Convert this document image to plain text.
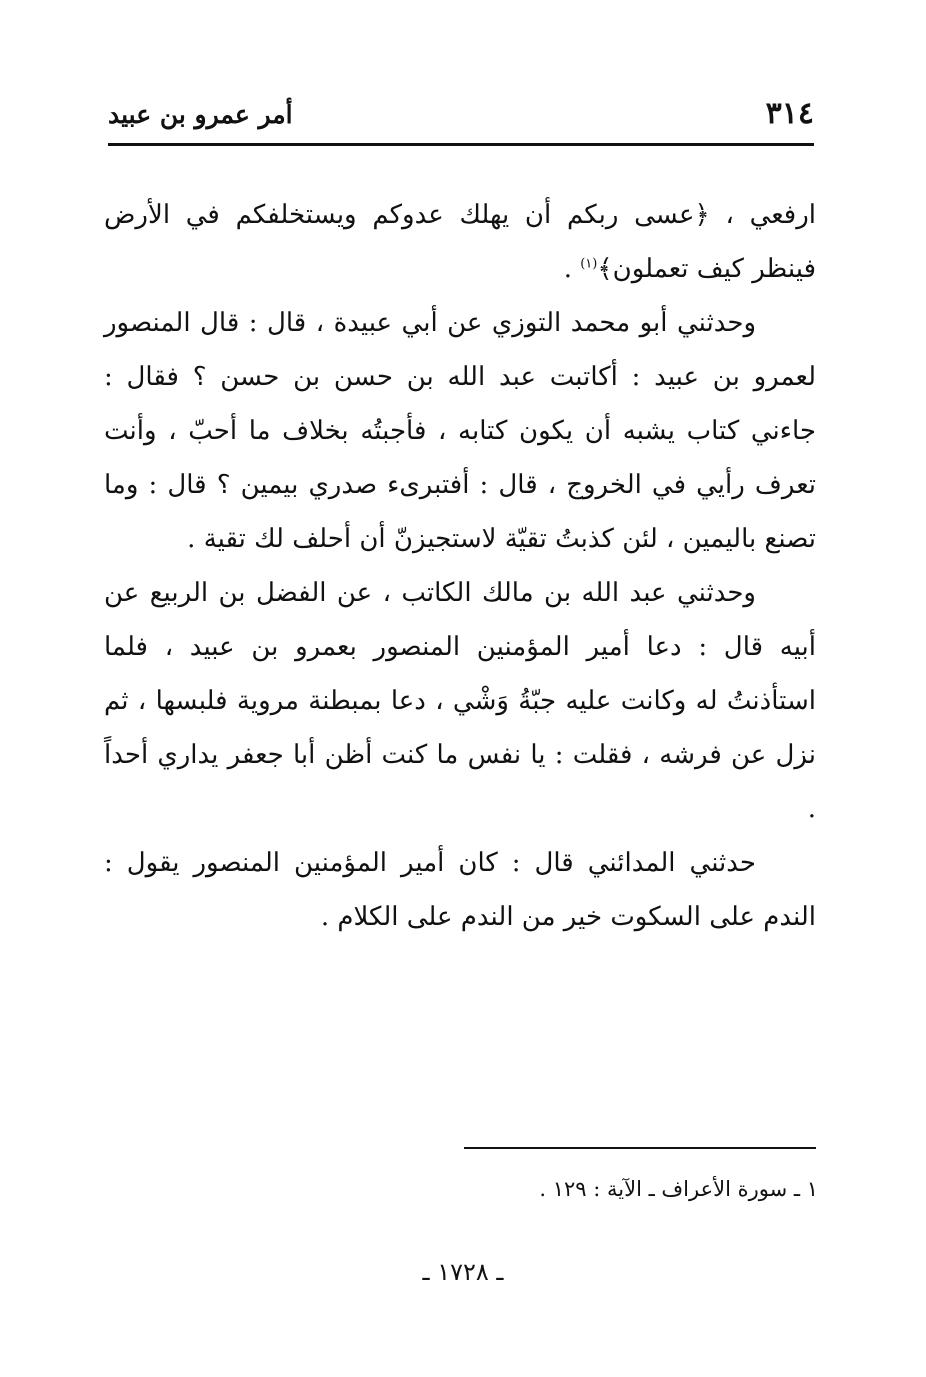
٣١٤
أمر عمرو بن عبيد

ارفعي ، ﴿عسى ربكم أن يهلك عدوكم ويستخلفكم في الأرض فينظر كيف تعملون﴾$^{(١)}$ .

وحدثني أبو محمد التوزي عن أبي عبيدة ، قال : قال المنصور لعمرو بن عبيد : أكاتبت عبد الله بن حسن بن حسن ؟ فقال : جاءني كتاب يشبه أن يكون كتابه ، فأجبتُه بخلاف ما أحبّ ، وأنت تعرف رأيي في الخروج ، قال : أفتبرىء صدري بيمين ؟ قال : وما تصنع باليمين ، لئن كذبتُ تقيّة لاستجيزنّ أن أحلف لك تقية .

وحدثني عبد الله بن مالك الكاتب ، عن الفضل بن الربيع عن أبيه قال : دعا أمير المؤمنين المنصور بعمرو بن عبيد ، فلما استأذنتُ له وكانت عليه جبّةُ وَشْي ، دعا بمبطنة مروية فلبسها ، ثم نزل عن فرشه ، فقلت : يا نفس ما كنت أظن أبا جعفر يداري أحداً .

حدثني المدائني قال : كان أمير المؤمنين المنصور يقول : الندم على السكوت خير من الندم على الكلام .

١ ـ سورة الأعراف ـ الآية : ١٢٩ .
ـ ١٧٢٨ ـ
